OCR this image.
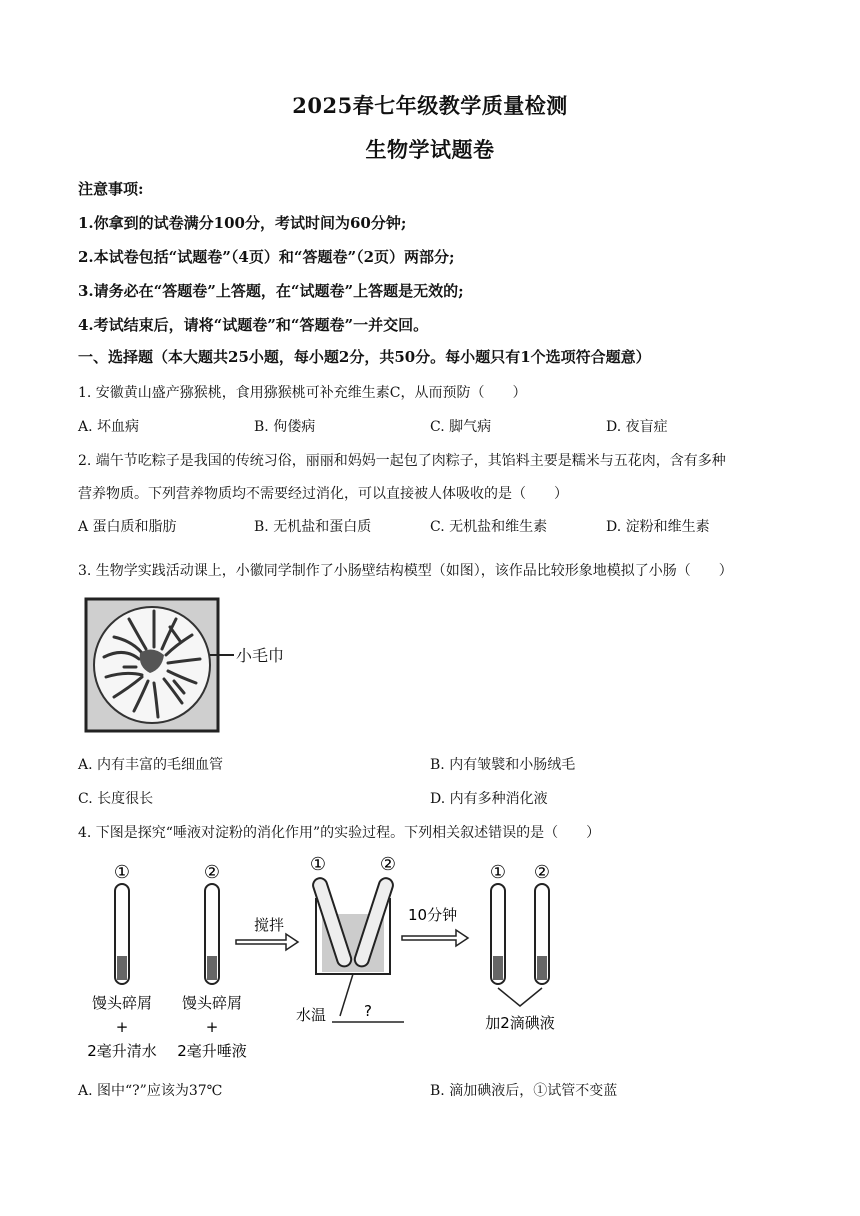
2025春七年级教学质量检测
生物学试题卷
注意事项:
1.你拿到的试卷满分100分，考试时间为60分钟;
2.本试卷包括“试题卷”（4页）和“答题卷”（2页）两部分;
3.请务必在“答题卷”上答题，在“试题卷”上答题是无效的;
4.考试结束后，请将“试题卷”和“答题卷”一并交回。
一、选择题（本大题共25小题，每小题2分，共50分。每小题只有1个选项符合题意）
1. 安徽黄山盛产猕猴桃，食用猕猴桃可补充维生素C，从而预防（　　）
A. 坏血病	B. 佝偻病	C. 脚气病	D. 夜盲症
2. 端午节吃粽子是我国的传统习俗，丽丽和妈妈一起包了肉粽子，其馅料主要是糯米与五花肉，含有多种
营养物质。下列营养物质均不需要经过消化，可以直接被人体吸收的是（　　）
A 蛋白质和脂肪	B. 无机盐和蛋白质	C. 无机盐和维生素	D. 淀粉和维生素
3. 生物学实践活动课上，小徽同学制作了小肠壁结构模型（如图），该作品比较形象地模拟了小肠（　　）
小毛巾
A. 内有丰富的毛细血管	B. 内有皱襞和小肠绒毛
C. 长度很长	D. 内有多种消化液
4. 下图是探究“唾液对淀粉的消化作用”的实验过程。下列相关叙述错误的是（　　）
①
馒头碎屑
+
2毫升清水
②
馒头碎屑
+
2毫升唾液
搅拌
①	②
水温	?
10分钟
① ②
加2滴碘液
A. 图中“?”应该为37℃	B. 滴加碘液后，①试管不变蓝
